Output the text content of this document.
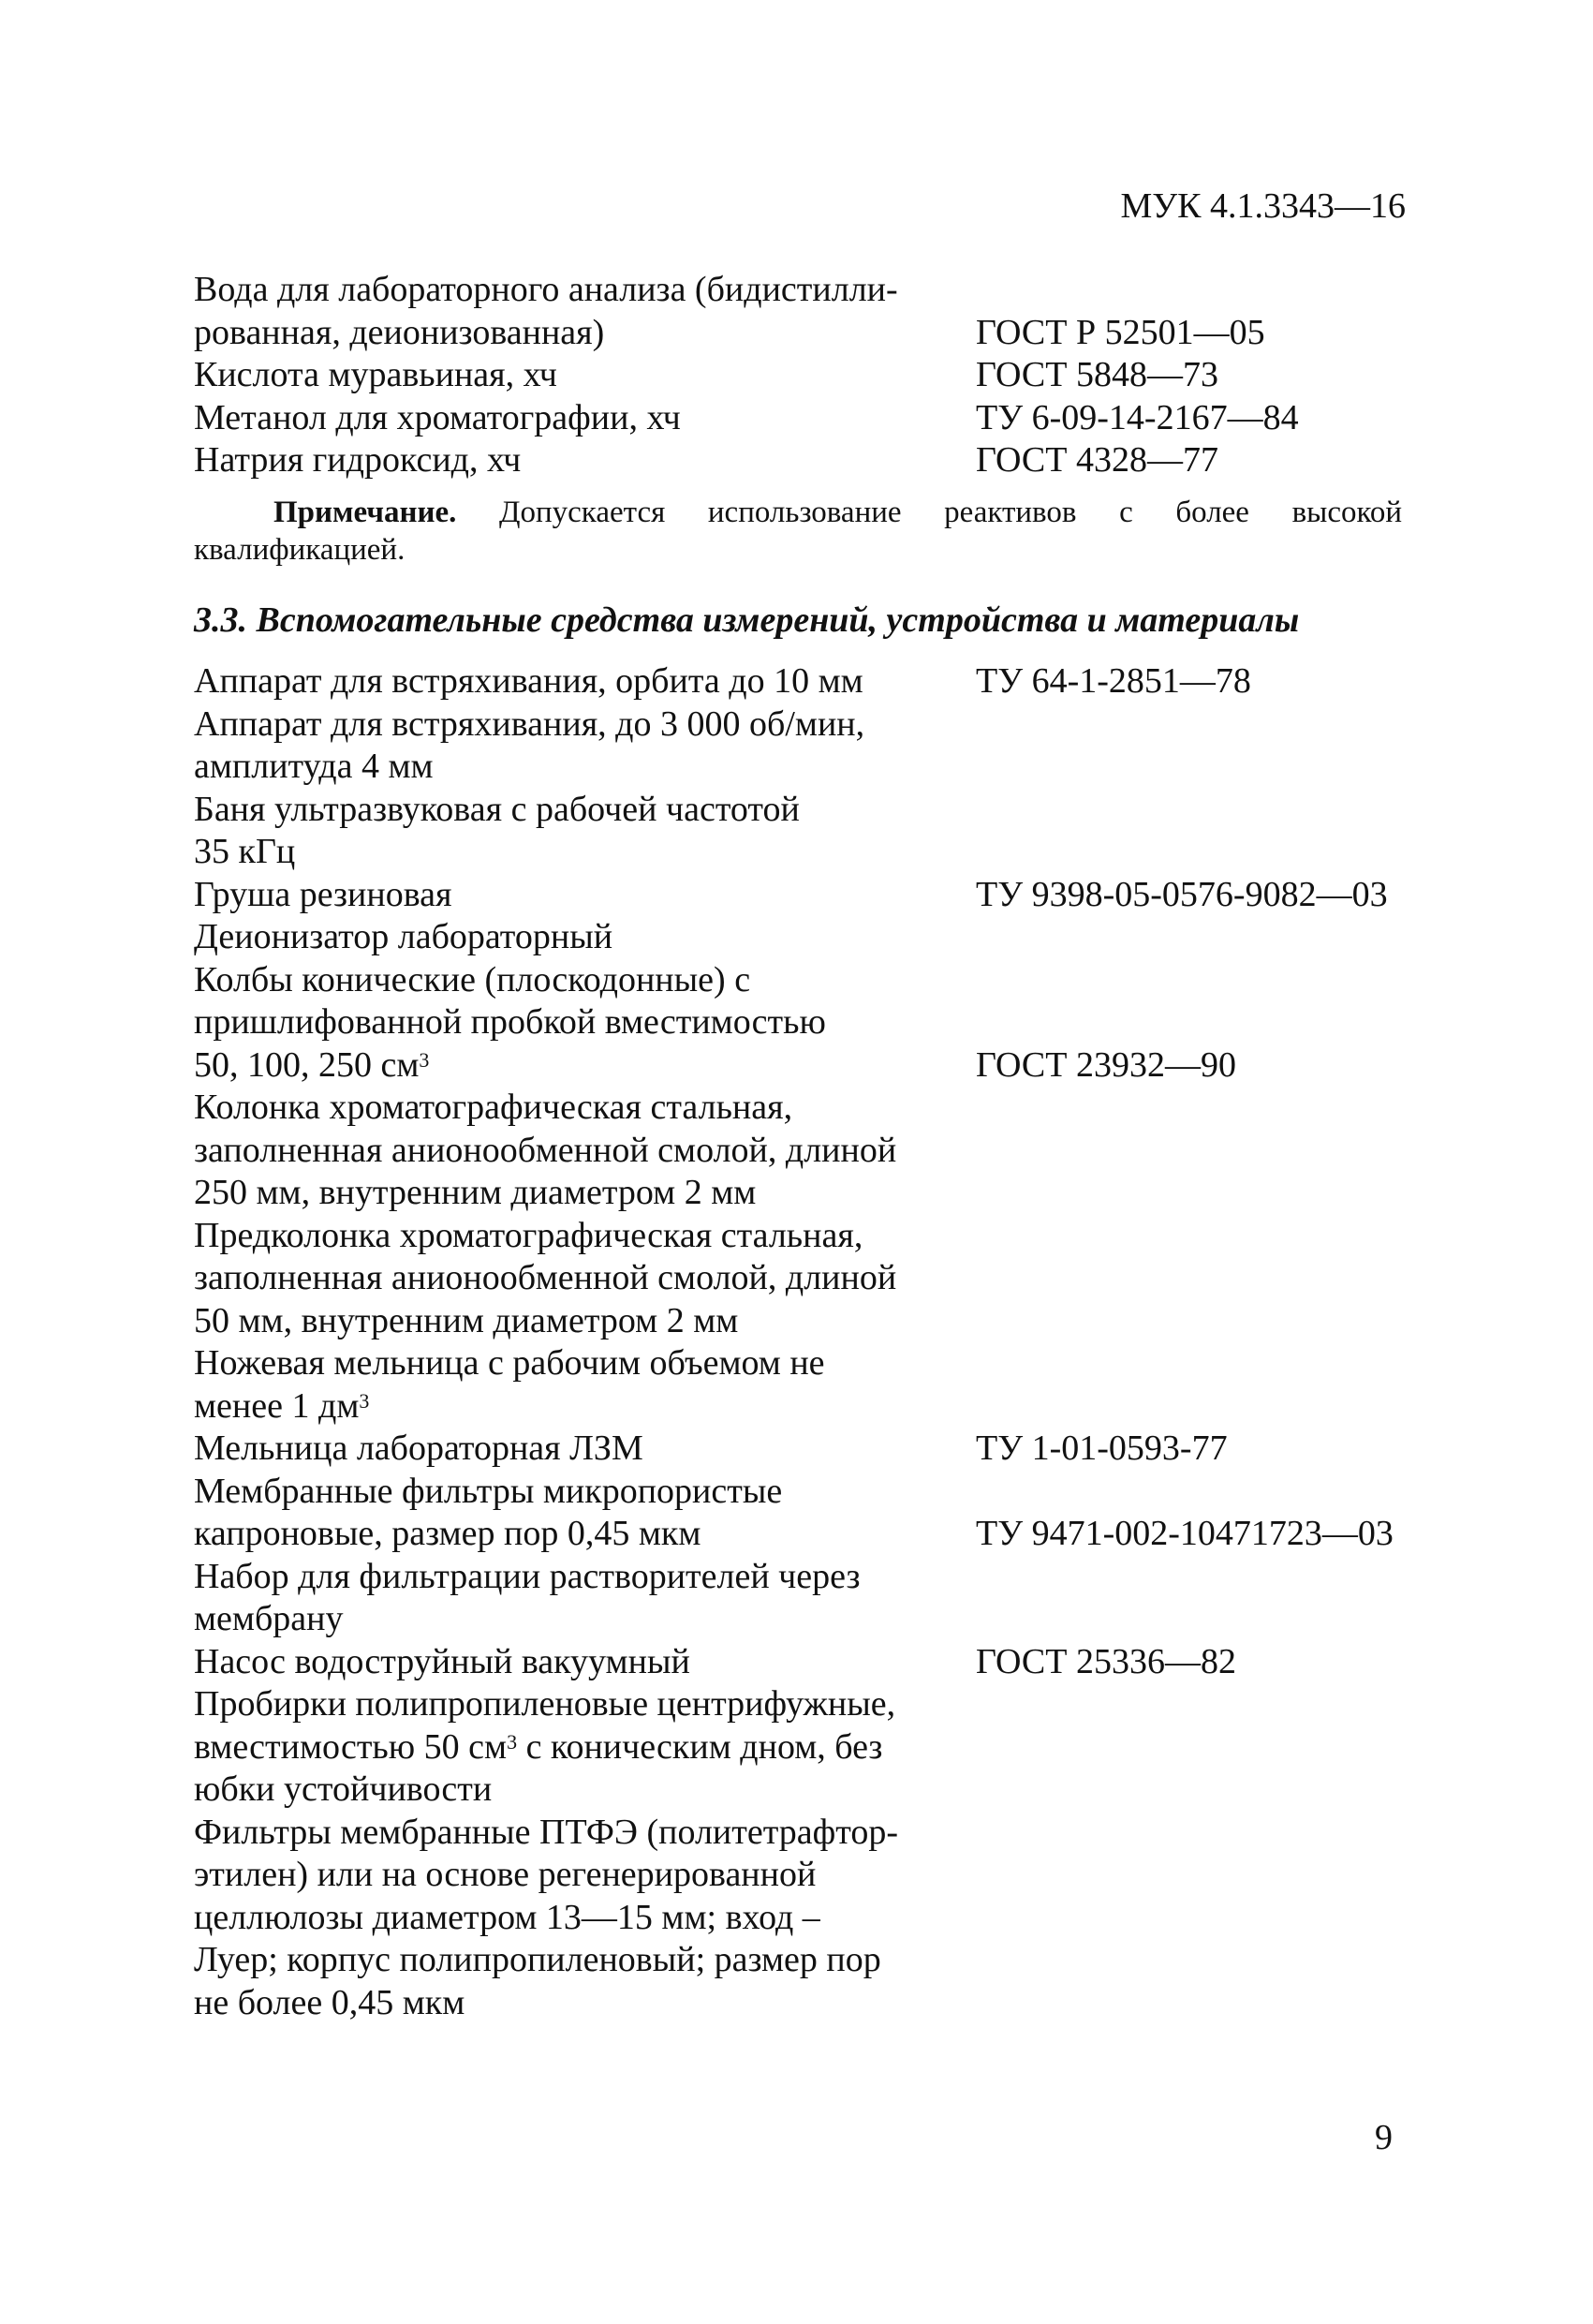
МУК 4.1.3343—16
Вода для лабораторного анализа (бидистилли-
рованная, деионизованная)	ГОСТ Р 52501—05
Кислота муравьиная, хч	ГОСТ 5848—73
Метанол для хроматографии, хч	ТУ 6-09-14-2167—84
Натрия гидроксид, хч	ГОСТ 4328—77
Примечание. Допускается использование реактивов с более высокой квалификацией.
3.3. Вспомогательные средства измерений, устройства и материалы
Аппарат для встряхивания, орбита до 10 мм	ТУ 64-1-2851—78
Аппарат для встряхивания, до 3 000 об/мин,
амплитуда 4 мм
Баня ультразвуковая с рабочей частотой
35 кГц
Груша резиновая	ТУ 9398-05-0576-9082—03
Деионизатор лабораторный
Колбы конические (плоскодонные) с
пришлифованной пробкой вместимостью
50, 100, 250 $см^3$	ГОСТ 23932—90
Колонка хроматографическая стальная,
заполненная анионообменной смолой, длиной
250 мм, внутренним диаметром 2 мм
Предколонка хроматографическая стальная,
заполненная анионообменной смолой, длиной
50 мм, внутренним диаметром 2 мм
Ножевая мельница с рабочим объемом не
менее 1 $дм^3$
Мельница лабораторная ЛЗМ	ТУ 1-01-0593-77
Мембранные фильтры микропористые
капроновые, размер пор 0,45 мкм	ТУ 9471-002-10471723—03
Набор для фильтрации растворителей через
мембрану
Насос водоструйный вакуумный	ГОСТ 25336—82
Пробирки полипропиленовые центрифужные,
вместимостью 50 $см^3$ с коническим дном, без
юбки устойчивости
Фильтры мембранные ПТФЭ (политетрафтор-
этилен) или на основе регенерированной
целлюлозы диаметром 13—15 мм; вход –
Луер; корпус полипропиленовый; размер пор
не более 0,45 мкм
9
